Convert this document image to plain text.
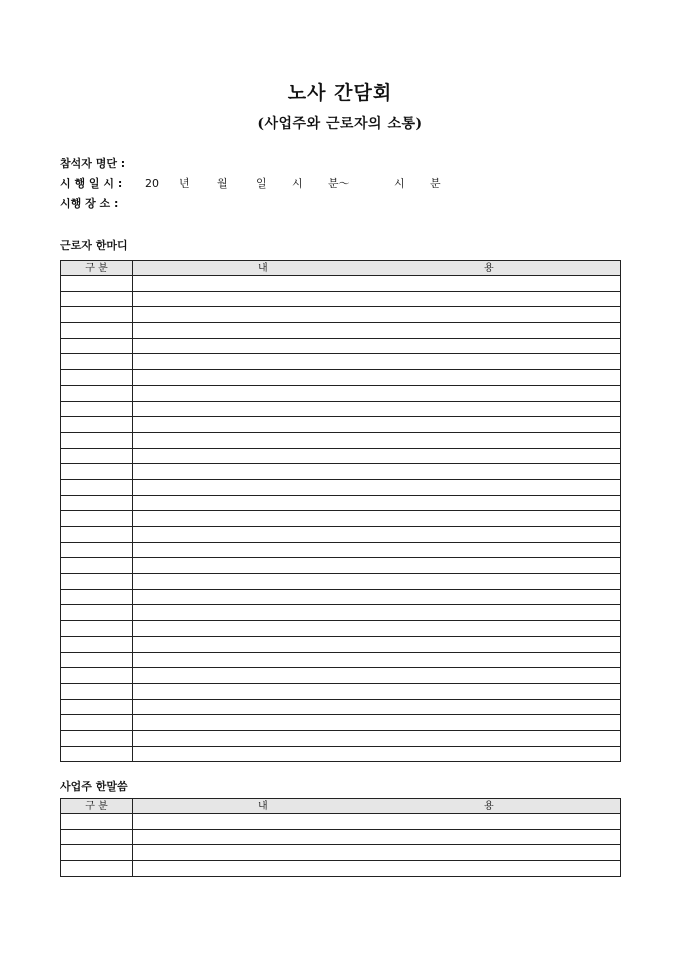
노사 간담회
(사업주와 근로자의 소통)
참석자 명단 :
시 행 일 시 : 20 년 월	일 시 분～	시 분
시행 장 소 :
근로자 한마디
구 분	내 용

사업주 한말씀
구 분	내 용
